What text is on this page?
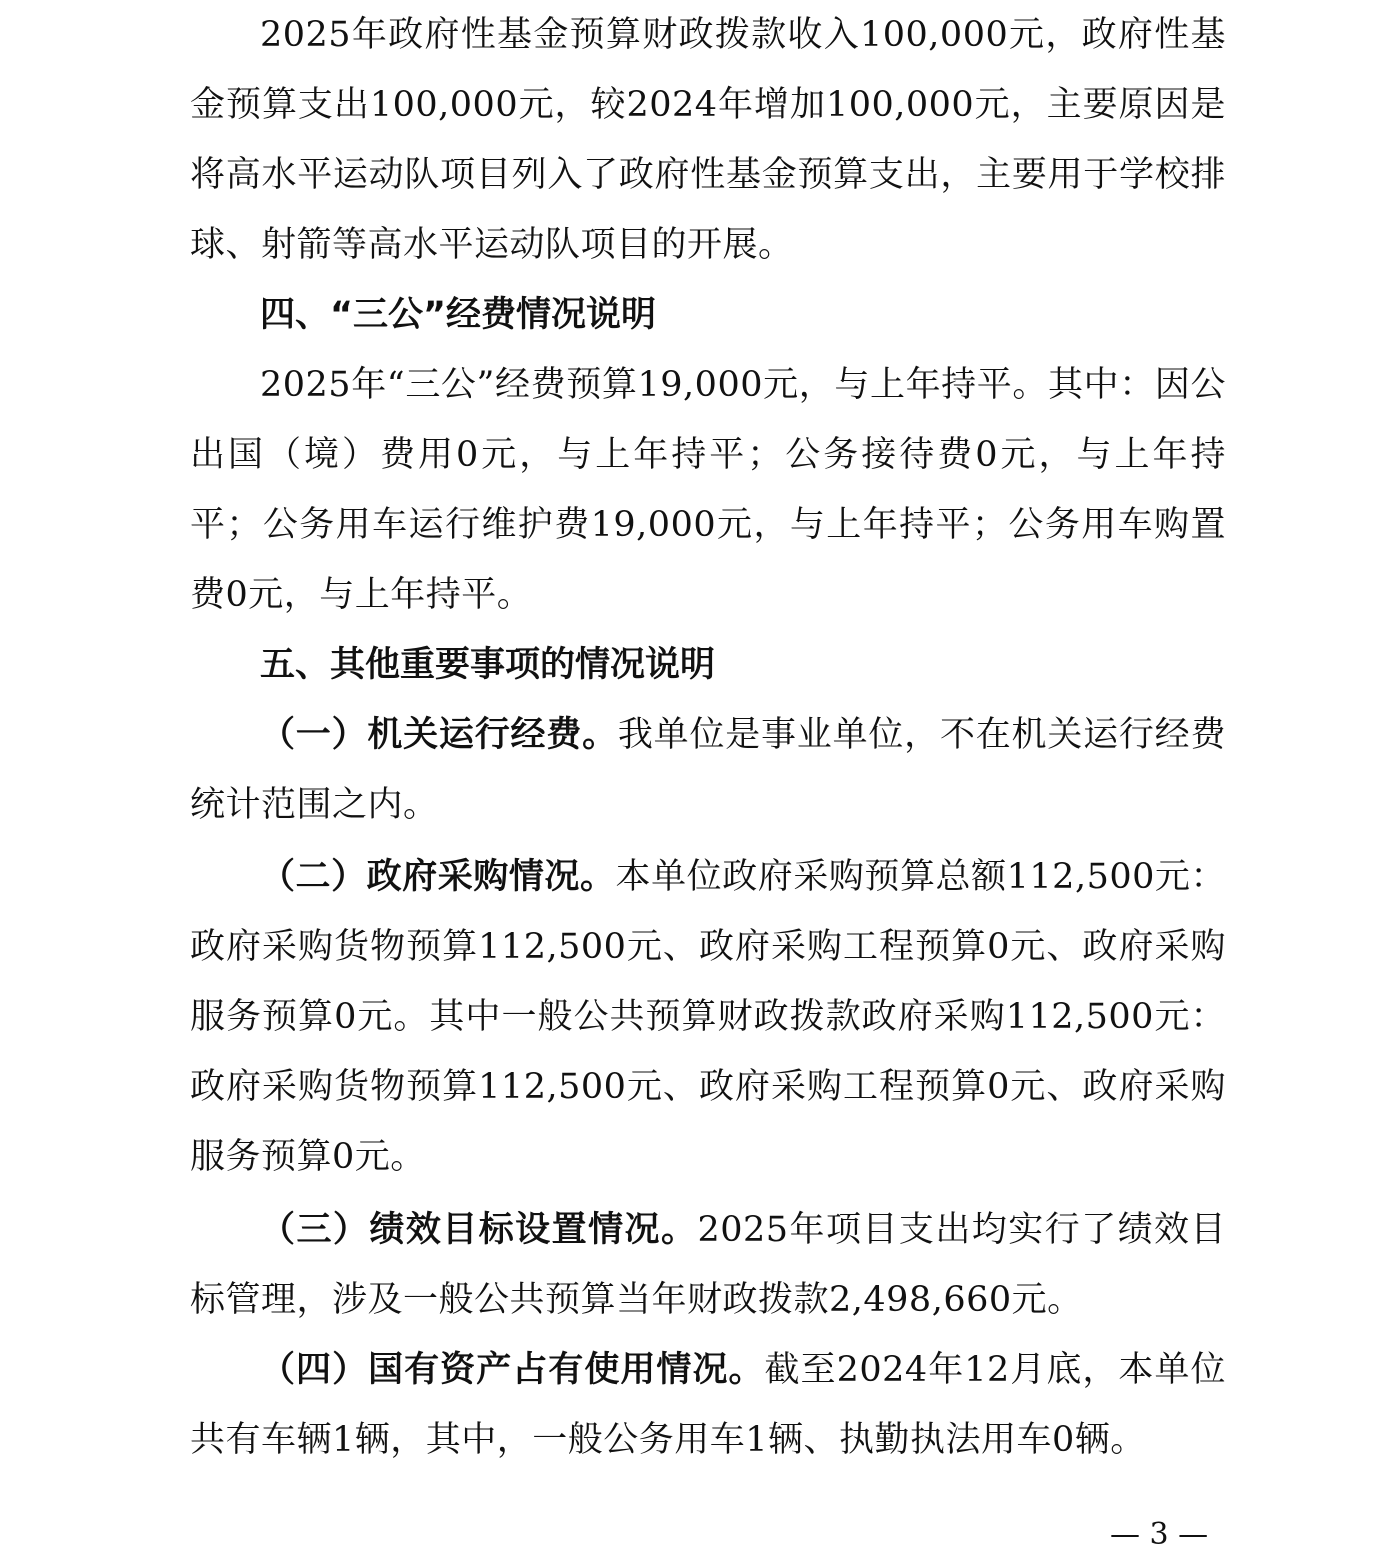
2025年政府性基金预算财政拨款收入100,000元，政府性基金预算支出100,000元，较2024年增加100,000元，主要原因是将高水平运动队项目列入了政府性基金预算支出，主要用于学校排球、射箭等高水平运动队项目的开展。

四、“三公”经费情况说明

2025年“三公”经费预算19,000元，与上年持平。其中：因公出国（境）费用0元，与上年持平；公务接待费0元，与上年持平；公务用车运行维护费19,000元，与上年持平；公务用车购置费0元，与上年持平。

五、其他重要事项的情况说明

（一）机关运行经费。我单位是事业单位，不在机关运行经费统计范围之内。

（二）政府采购情况。本单位政府采购预算总额112,500元：政府采购货物预算112,500元、政府采购工程预算0元、政府采购服务预算0元。其中一般公共预算财政拨款政府采购112,500元：政府采购货物预算112,500元、政府采购工程预算0元、政府采购服务预算0元。

（三）绩效目标设置情况。2025年项目支出均实行了绩效目标管理，涉及一般公共预算当年财政拨款2,498,660元。

（四）国有资产占有使用情况。截至2024年12月底，本单位共有车辆1辆，其中，一般公务用车1辆、执勤执法用车0辆。

— 3 —
